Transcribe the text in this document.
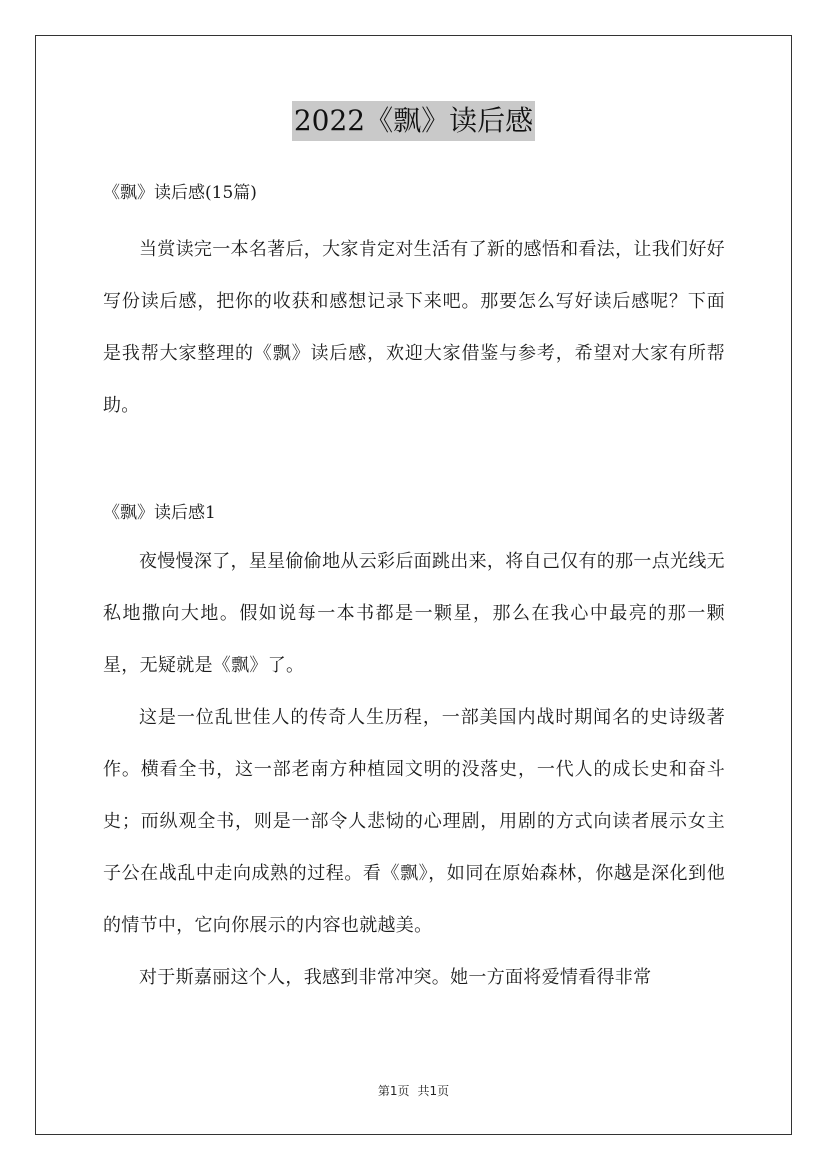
2022《飘》读后感

《飘》读后感(15篇)

当赏读完一本名著后，大家肯定对生活有了新的感悟和看法，让我们好好写份读后感，把你的收获和感想记录下来吧。那要怎么写好读后感呢？下面是我帮大家整理的《飘》读后感，欢迎大家借鉴与参考，希望对大家有所帮助。

《飘》读后感1

夜慢慢深了，星星偷偷地从云彩后面跳出来，将自己仅有的那一点光线无私地撒向大地。假如说每一本书都是一颗星，那么在我心中最亮的那一颗星，无疑就是《飘》了。

这是一位乱世佳人的传奇人生历程，一部美国内战时期闻名的史诗级著作。横看全书，这一部老南方种植园文明的没落史，一代人的成长史和奋斗史；而纵观全书，则是一部令人悲恸的心理剧，用剧的方式向读者展示女主子公在战乱中走向成熟的过程。看《飘》，如同在原始森林，你越是深化到他的情节中，它向你展示的内容也就越美。

对于斯嘉丽这个人，我感到非常冲突。她一方面将爱情看得非常

第1页 共1页
